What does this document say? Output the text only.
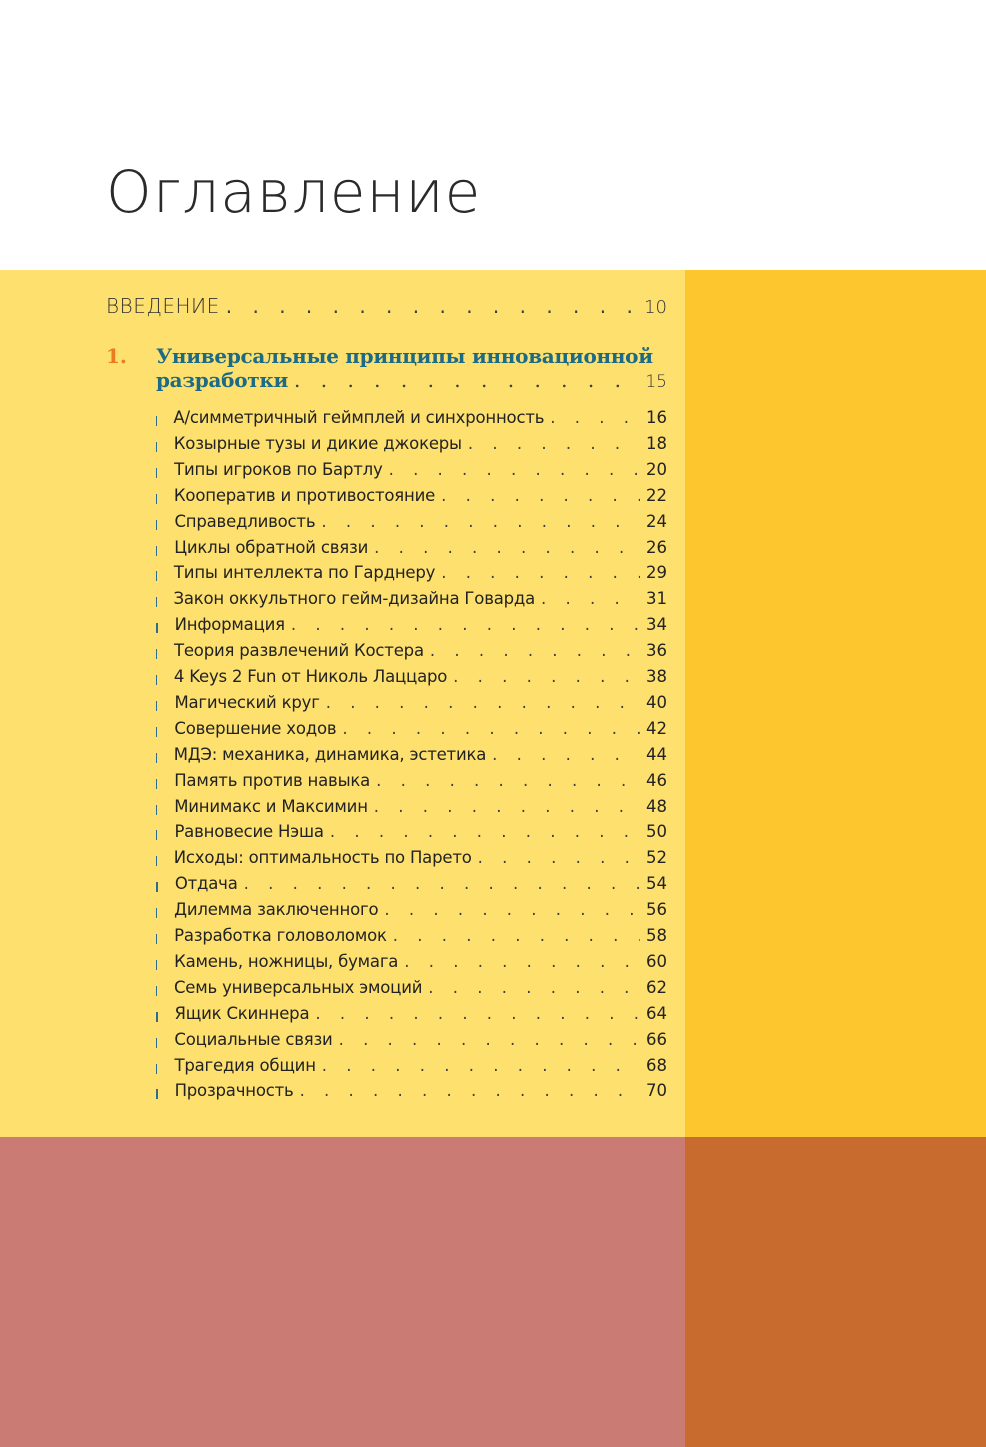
Оглавление
ВВЕДЕНИЕ . . .	10
1. Универсальные принципы инновационной
разработки . . .	15
А/симметричный геймплей и синхронность . . .	16
Козырные тузы и дикие джокеры . . .	18
Типы игроков по Бартлу . . .	20
Кооператив и противостояние . . .	22
Справедливость . . .	24
Циклы обратной связи . . .	26
Типы интеллекта по Гарднеру . . .	29
Закон оккультного гейм-дизайна Говарда . . .	31
Информация . . .	34
Теория развлечений Костера . . .	36
4 Keys 2 Fun от Николь Лаццаро . . .	38
Магический круг . . .	40
Совершение ходов . . .	42
МДЭ: механика, динамика, эстетика . . .	44
Память против навыка . . .	46
Минимакс и Максимин . . .	48
Равновесие Нэша . . .	50
Исходы: оптимальность по Парето . . .	52
Отдача . . .	54
Дилемма заключенного . . .	56
Разработка головоломок . . .	58
Камень, ножницы, бумага . . .	60
Семь универсальных эмоций . . .	62
Ящик Скиннера . . .	64
Социальные связи . . .	66
Трагедия общин . . .	68
Прозрачность . . .	70
